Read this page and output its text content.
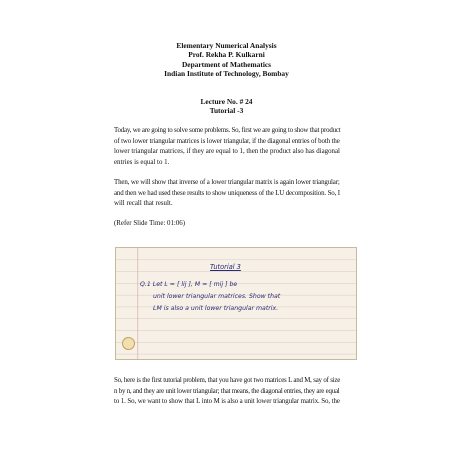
Elementary Numerical Analysis
Prof. Rekha P. Kulkarni
Department of Mathematics
Indian Institute of Technology, Bombay
Lecture No. # 24
Tutorial -3
Today, we are going to solve some problems. So, first we are going to show that product
of two lower triangular matrices is lower triangular, if the diagonal entries of both the
lower triangular matrices, if they are equal to 1, then the product also has diagonal
entries is equal to 1.
Then, we will show that inverse of a lower triangular matrix is again lower triangular;
and then we had used these results to show uniqueness of the LU decomposition. So, I
will recall that result.
(Refer Slide Time: 01:06)
Tutorial 3
Q.1 Let L = [ lij ], M = [ mij ] be
unit lower triangular matrices. Show that
LM is also a unit lower triangular matrix.
So, here is the first tutorial problem, that you have got two matrices L and M, say of size
n by n, and they are unit lower triangular; that means, the diagonal entries, they are equal
to 1. So, we want to show that L into M is also a unit lower triangular matrix. So, the
